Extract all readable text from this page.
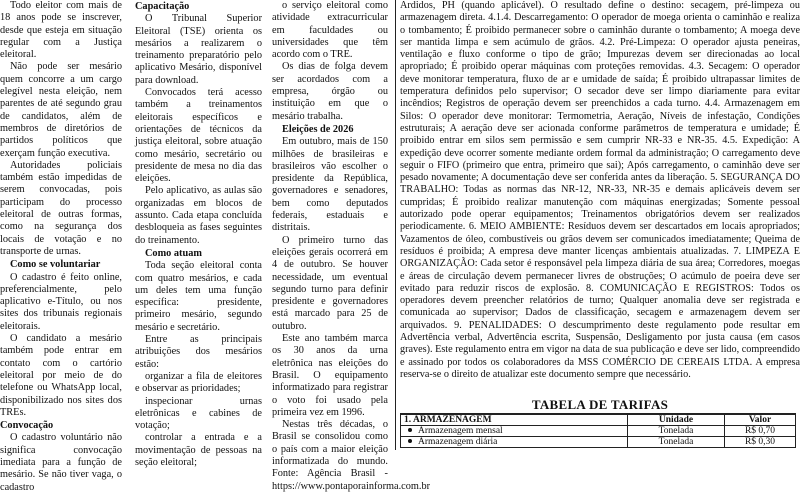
Todo eleitor com mais de 18 anos pode se inscrever, desde que esteja em situação regular com a Justiça eleitoral.

Não pode ser mesário quem concorre a um cargo elegível nesta eleição, nem parentes de até segundo grau de candidatos, além de membros de diretórios de partidos políticos que exerçam função executiva.

Autoridades policiais também estão impedidas de serem convocadas, pois participam do processo eleitoral de outras formas, como na segurança dos locais de votação e no transporte de urnas.

Como se voluntariar

O cadastro é feito online, preferencialmente, pelo aplicativo e-Título, ou nos sites dos tribunais regionais eleitorais.

O candidato a mesário também pode entrar em contato com o cartório eleitoral por meio de do telefone ou WhatsApp local, disponibilizado nos sites dos TREs.

Convocação

O cadastro voluntário não significa convocação imediata para a função de mesário. Se não tiver vaga, o cadastro

Capacitação

O Tribunal Superior Eleitoral (TSE) orienta os mesários a realizarem o treinamento preparatório pelo aplicativo Mesário, disponível para download.

Convocados terá acesso também a treinamentos eleitorais específicos e orientações de técnicos da justiça eleitoral, sobre atuação como mesário, secretário ou presidente de mesa no dia das eleições.

Pelo aplicativo, as aulas são organizadas em blocos de assunto. Cada etapa concluída desbloqueia as fases seguintes do treinamento.

Como atuam

Toda seção eleitoral conta com quatro mesários, e cada um deles tem uma função específica: presidente, primeiro mesário, segundo mesário e secretário.

Entre as principais atribuições dos mesários estão:

organizar a fila de eleitores e observar as prioridades;

inspecionar urnas eletrônicas e cabines de votação;

controlar a entrada e a movimentação de pessoas na seção eleitoral;

o serviço eleitoral como atividade extracurricular em faculdades ou universidades que têm acordo com o TRE.

Os dias de folga devem ser acordados com a empresa, órgão ou instituição em que o mesário trabalha.

Eleições de 2026

Em outubro, mais de 150 milhões de brasileiras e brasileiros vão escolher o presidente da República, governadores e senadores, bem como deputados federais, estaduais e distritais.

O primeiro turno das eleições gerais ocorrerá em 4 de outubro. Se houver necessidade, um eventual segundo turno para definir presidente e governadores está marcado para 25 de outubro.

Este ano também marca os 30 anos da urna eletrônica nas eleições do Brasil. O equipamento informatizado para registrar o voto foi usado pela primeira vez em 1996.

Nestas três décadas, o Brasil se consolidou como o país com a maior eleição informatizada do mundo. Fonte: Agência Brasil - https://www.pontaporainforma.com.br

Ardidos, PH (quando aplicável). O resultado define o destino: secagem, pré-limpeza ou armazenagem direta. 4.1.4. Descarregamento: O operador de moega orienta o caminhão e realiza o tombamento; É proibido permanecer sobre o caminhão durante o tombamento; A moega deve ser mantida limpa e sem acúmulo de grãos. 4.2. Pré-Limpeza: O operador ajusta peneiras, ventilação e fluxo conforme o tipo de grão; Impurezas devem ser direcionadas ao local apropriado; É proibido operar máquinas com proteções removidas. 4.3. Secagem: O operador deve monitorar temperatura, fluxo de ar e umidade de saída; É proibido ultrapassar limites de temperatura definidos pelo supervisor; O secador deve ser limpo diariamente para evitar incêndios; Registros de operação devem ser preenchidos a cada turno. 4.4. Armazenagem em Silos: O operador deve monitorar: Termometria, Aeração, Níveis de infestação, Condições estruturais; A aeração deve ser acionada conforme parâmetros de temperatura e umidade; É proibido entrar em silos sem permissão e sem cumprir NR-33 e NR-35. 4.5. Expedição: A expedição deve ocorrer somente mediante ordem formal da administração; O carregamento deve seguir o FIFO (primeiro que entra, primeiro que sai); Após carregamento, o caminhão deve ser pesado novamente; A documentação deve ser conferida antes da liberação. 5. SEGURANÇA DO TRABALHO: Todas as normas das NR-12, NR-33, NR-35 e demais aplicáveis devem ser cumpridas; É proibido realizar manutenção com máquinas energizadas; Somente pessoal autorizado pode operar equipamentos; Treinamentos obrigatórios devem ser realizados periodicamente. 6. MEIO AMBIENTE: Resíduos devem ser descartados em locais apropriados; Vazamentos de óleo, combustíveis ou grãos devem ser comunicados imediatamente; Queima de resíduos é proibida; A empresa deve manter licenças ambientais atualizadas. 7. LIMPEZA E ORGANIZAÇÃO: Cada setor é responsável pela limpeza diária de sua área; Corredores, moegas e áreas de circulação devem permanecer livres de obstruções; O acúmulo de poeira deve ser evitado para reduzir riscos de explosão. 8. COMUNICAÇÃO E REGISTROS: Todos os operadores devem preencher relatórios de turno; Qualquer anomalia deve ser registrada e comunicada ao supervisor; Dados de classificação, secagem e armazenagem devem ser arquivados. 9. PENALIDADES: O descumprimento deste regulamento pode resultar em Advertência verbal, Advertência escrita, Suspensão, Desligamento por justa causa (em casos graves). Este regulamento entra em vigor na data de sua publicação e deve ser lido, compreendido e assinado por todos os colaboradores da MSS COMÉRCIO DE CEREAIS LTDA. A empresa reserva-se o direito de atualizar este documento sempre que necessário.

TABELA DE TARIFAS
1. ARMAZENAGEM	Unidade	Valor
Armazenagem mensal	Tonelada	R$ 0,70
Armazenagem diária	Tonelada	R$ 0,30
